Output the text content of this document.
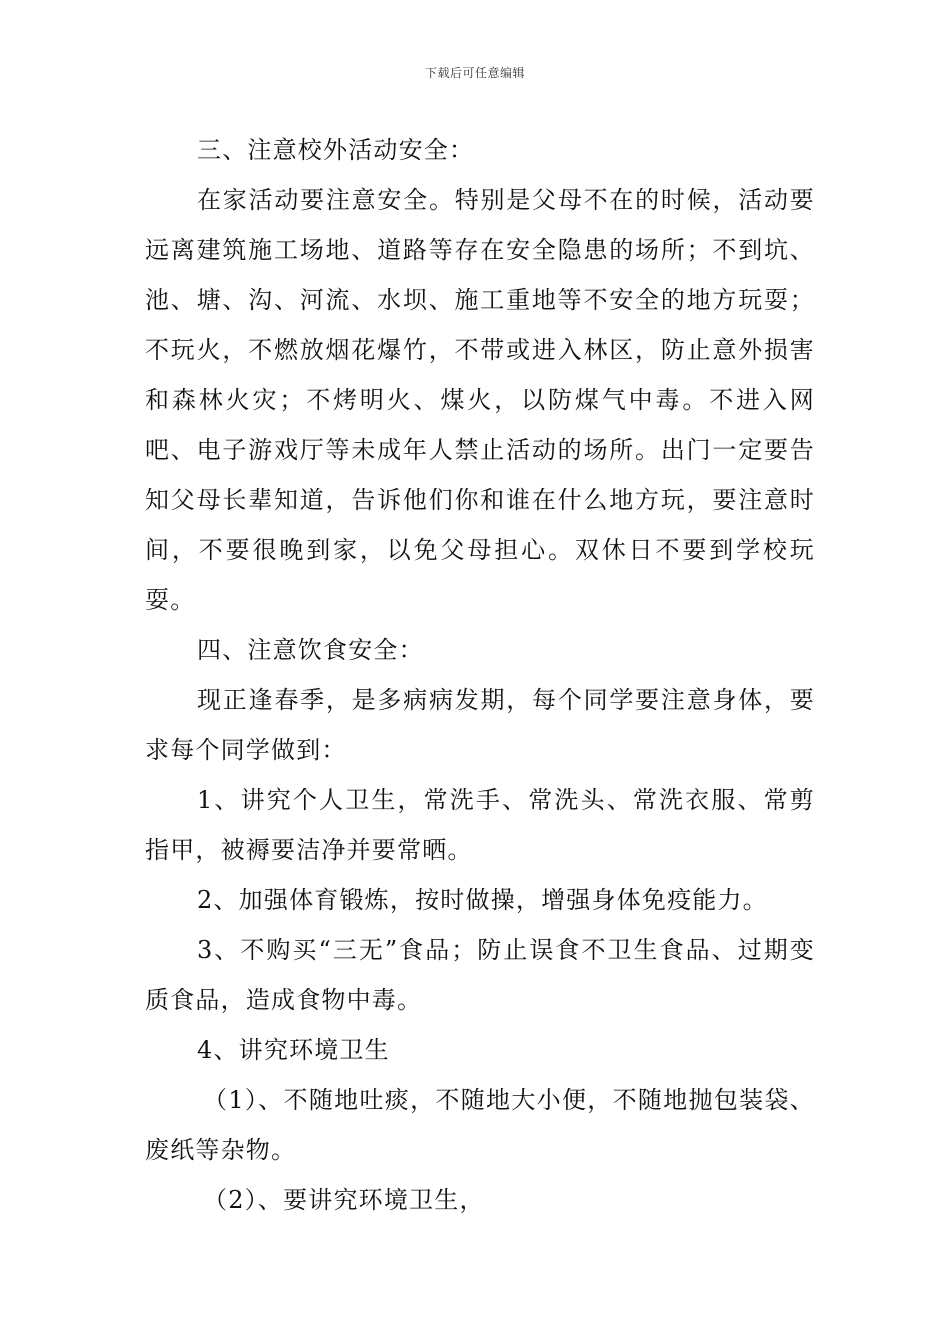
下载后可任意编辑

三、注意校外活动安全：

在家活动要注意安全。特别是父母不在的时候，活动要远离建筑施工场地、道路等存在安全隐患的场所；不到坑、池、塘、沟、河流、水坝、施工重地等不安全的地方玩耍；不玩火，不燃放烟花爆竹，不带或进入林区，防止意外损害和森林火灾；不烤明火、煤火，以防煤气中毒。不进入网吧、电子游戏厅等未成年人禁止活动的场所。出门一定要告知父母长辈知道，告诉他们你和谁在什么地方玩，要注意时间，不要很晚到家，以免父母担心。双休日不要到学校玩耍。

四、注意饮食安全：

现正逢春季，是多病病发期，每个同学要注意身体，要求每个同学做到：

1、讲究个人卫生，常洗手、常洗头、常洗衣服、常剪指甲，被褥要洁净并要常晒。

2、加强体育锻炼，按时做操，增强身体免疫能力。

3、不购买“三无”食品；防止误食不卫生食品、过期变质食品，造成食物中毒。

4、讲究环境卫生

（1）、不随地吐痰，不随地大小便，不随地抛包装袋、废纸等杂物。

（2）、要讲究环境卫生，
